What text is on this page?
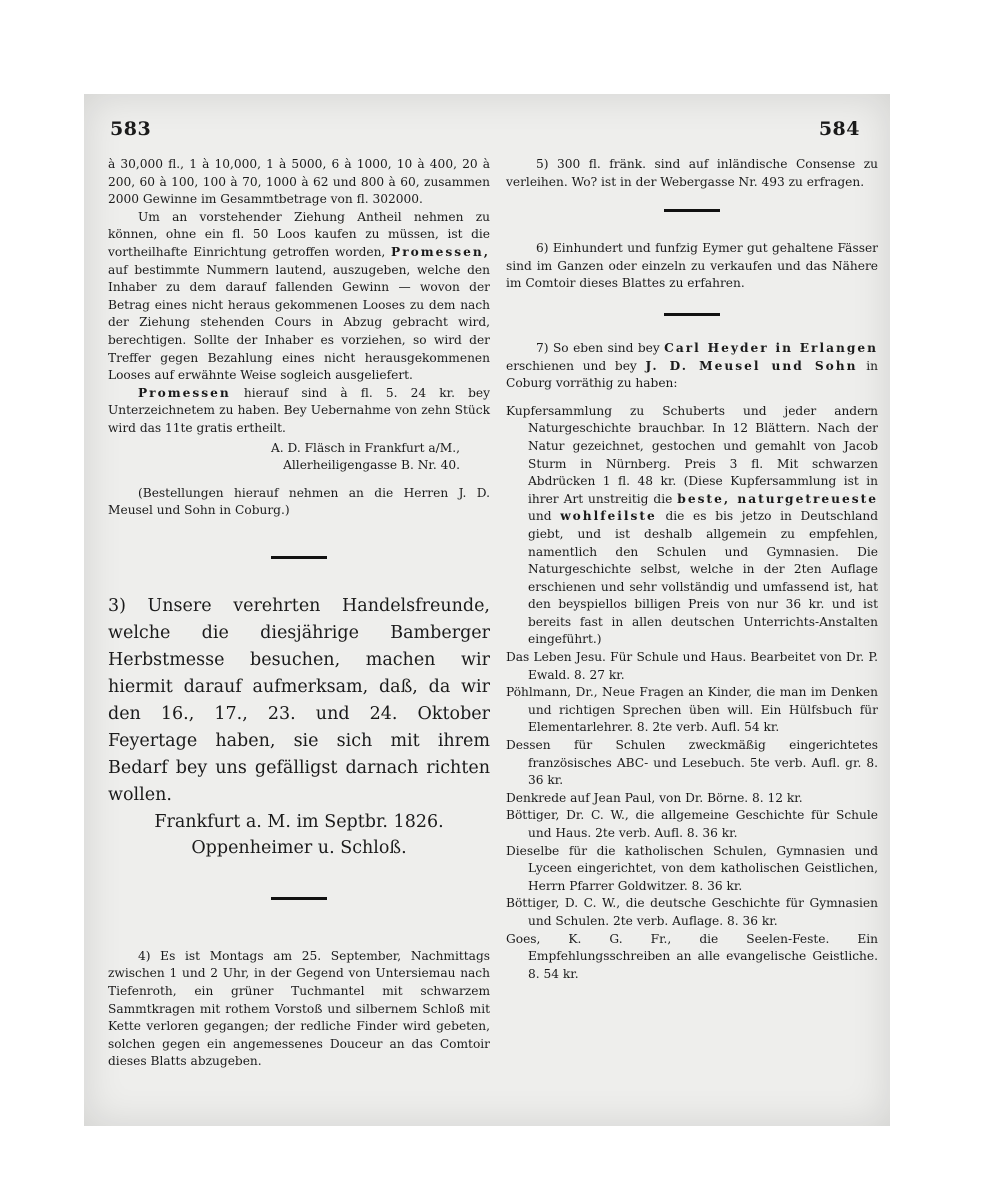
583	584

à 30,000 fl., 1 à 10,000, 1 à 5000, 6 à 1000, 10 à 400, 20 à 200, 60 à 100, 100 à 70, 1000 à 62 und 800 à 60, zusammen 2000 Gewinne im Gesammtbetrage von fl. 302000.

Um an vorstehender Ziehung Antheil nehmen zu können, ohne ein fl. 50 Loos kaufen zu müssen, ist die vortheilhafte Einrichtung getroffen worden, Promessen, auf bestimmte Nummern lautend, auszugeben, welche den Inhaber zu dem darauf fallenden Gewinn — wovon der Betrag eines nicht heraus gekommenen Looses zu dem nach der Ziehung stehenden Cours in Abzug gebracht wird, berechtigen. Sollte der Inhaber es vorziehen, so wird der Treffer gegen Bezahlung eines nicht herausgekommenen Looses auf erwähnte Weise sogleich ausgeliefert.

Promessen hierauf sind à fl. 5. 24 kr. bey Unterzeichnetem zu haben. Bey Uebernahme von zehn Stück wird das 11te gratis ertheilt.

A. D. Fläsch in Frankfurt a/M.,

Allerheiligengasse B. Nr. 40.

(Bestellungen hierauf nehmen an die Herren J. D. Meusel und Sohn in Coburg.)

3) Unsere verehrten Handelsfreunde, welche die diesjährige Bamberger Herbstmesse besuchen, machen wir hiermit darauf aufmerksam, daß, da wir den 16., 17., 23. und 24. Oktober Feyertage haben, sie sich mit ihrem Bedarf bey uns gefälligst darnach richten wollen.

Frankfurt a. M. im Septbr. 1826.

Oppenheimer u. Schloß.

4) Es ist Montags am 25. September, Nachmittags zwischen 1 und 2 Uhr, in der Gegend von Untersiemau nach Tiefenroth, ein grüner Tuchmantel mit schwarzem Sammtkragen mit rothem Vorstoß und silbernem Schloß mit Kette verloren gegangen; der redliche Finder wird gebeten, solchen gegen ein angemessenes Douceur an das Comtoir dieses Blatts abzugeben.

5) 300 fl. fränk. sind auf inländische Consense zu verleihen. Wo? ist in der Webergasse Nr. 493 zu erfragen.

6) Einhundert und funfzig Eymer gut gehaltene Fässer sind im Ganzen oder einzeln zu verkaufen und das Nähere im Comtoir dieses Blattes zu erfahren.

7) So eben sind bey Carl Heyder in Erlangen erschienen und bey J. D. Meusel und Sohn in Coburg vorräthig zu haben:

Kupfersammlung zu Schuberts und jeder andern Naturgeschichte brauchbar. In 12 Blättern. Nach der Natur gezeichnet, gestochen und gemahlt von Jacob Sturm in Nürnberg. Preis 3 fl. Mit schwarzen Abdrücken 1 fl. 48 kr. (Diese Kupfersammlung ist in ihrer Art unstreitig die beste, naturgetreueste und wohlfeilste die es bis jetzo in Deutschland giebt, und ist deshalb allgemein zu empfehlen, namentlich den Schulen und Gymnasien. Die Naturgeschichte selbst, welche in der 2ten Auflage erschienen und sehr vollständig und umfassend ist, hat den beyspiellos billigen Preis von nur 36 kr. und ist bereits fast in allen deutschen Unterrichts-Anstalten eingeführt.)

Das Leben Jesu. Für Schule und Haus. Bearbeitet von Dr. P. Ewald. 8. 27 kr.

Pöhlmann, Dr., Neue Fragen an Kinder, die man im Denken und richtigen Sprechen üben will. Ein Hülfsbuch für Elementarlehrer. 8. 2te verb. Aufl. 54 kr.

Dessen für Schulen zweckmäßig eingerichtetes französisches ABC- und Lesebuch. 5te verb. Aufl. gr. 8. 36 kr.

Denkrede auf Jean Paul, von Dr. Börne. 8. 12 kr.

Böttiger, Dr. C. W., die allgemeine Geschichte für Schule und Haus. 2te verb. Aufl. 8. 36 kr.

Dieselbe für die katholischen Schulen, Gymnasien und Lyceen eingerichtet, von dem katholischen Geistlichen, Herrn Pfarrer Goldwitzer. 8. 36 kr.

Böttiger, D. C. W., die deutsche Geschichte für Gymnasien und Schulen. 2te verb. Auflage. 8. 36 kr.

Goes, K. G. Fr., die Seelen-Feste. Ein Empfehlungsschreiben an alle evangelische Geistliche. 8. 54 kr.
